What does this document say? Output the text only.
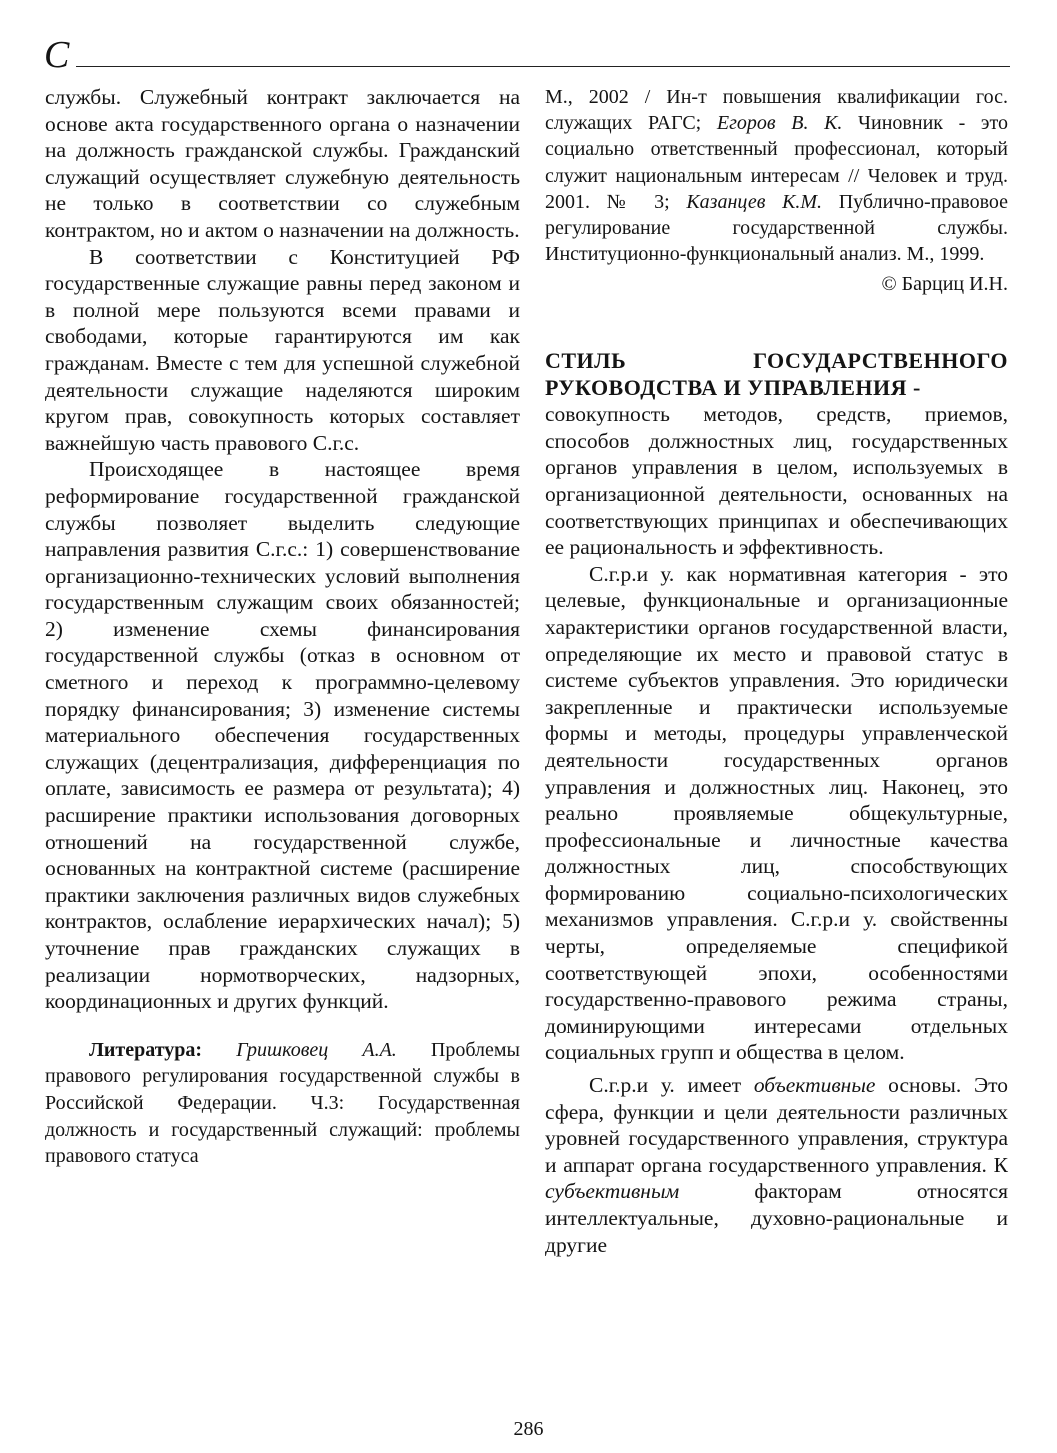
С

службы. Служебный контракт заключается на основе акта государственного органа о назначении на должность гражданской службы. Гражданский служащий осуществляет служебную деятельность не только в соответствии со служебным контрактом, но и актом о назначении на должность.

В соответствии с Конституцией РФ государственные служащие равны перед законом и в полной мере пользуются всеми правами и свободами, которые гарантируются им как гражданам. Вместе с тем для успешной служебной деятельности служащие наделяются широким кругом прав, совокупность которых составляет важнейшую часть правового С.г.с.

Происходящее в настоящее время реформирование государственной гражданской службы позволяет выделить следующие направления развития С.г.с.: 1) совершенствование организационно-технических условий выполнения государственным служащим своих обязанностей; 2) изменение схемы финансирования государственной службы (отказ в основном от сметного и переход к программно-целевому порядку финансирования; 3) изменение системы материального обеспечения государственных служащих (децентрализация, дифференциация по оплате, зависимость ее размера от результата); 4) расширение практики использования договорных отношений на государственной службе, основанных на контрактной системе (расширение практики заключения различных видов служебных контрактов, ослабление иерархических начал); 5) уточнение прав гражданских служащих в реализации нормотворческих, надзорных, координационных и других функций.

Литература: Гришковец А.А. Проблемы правового регулирования государственной службы в Российской Федерации. Ч.3: Государственная должность и государственный служащий: проблемы правового статуса

М., 2002 / Ин-т повышения квалификации гос. служащих РАГС; Егоров В. К. Чиновник - это социально ответственный профессионал, который служит национальным интересам // Человек и труд. 2001. № 3; Казанцев К.М. Публично-правовое регулирование государственной службы. Институционно-функциональный анализ. М., 1999.

© Барциц И.Н.

СТИЛЬ ГОСУДАРСТВЕННОГО РУКОВОДСТВА И УПРАВЛЕНИЯ -

совокупность методов, средств, приемов, способов должностных лиц, государственных органов управления в целом, используемых в организационной деятельности, основанных на соответствующих принципах и обеспечивающих ее рациональность и эффективность.

С.г.р.и у. как нормативная категория - это целевые, функциональные и организационные характеристики органов государственной власти, определяющие их место и правовой статус в системе субъектов управления. Это юридически закрепленные и практически используемые формы и методы, процедуры управленческой деятельности государственных органов управления и должностных лиц. Наконец, это реально проявляемые общекультурные, профессиональные и личностные качества должностных лиц, способствующих формированию социально-психологических механизмов управления. С.г.р.и у. свойственны черты, определяемые спецификой соответствующей эпохи, особенностями государственно-правового режима страны, доминирующими интересами отдельных социальных групп и общества в целом.

С.г.р.и у. имеет объективные основы. Это сфера, функции и цели деятельности различных уровней государственного управления, структура и аппарат органа государственного управления. К субъективным	факторам относятся интеллектуальные, духовно-рациональные и другие

286
